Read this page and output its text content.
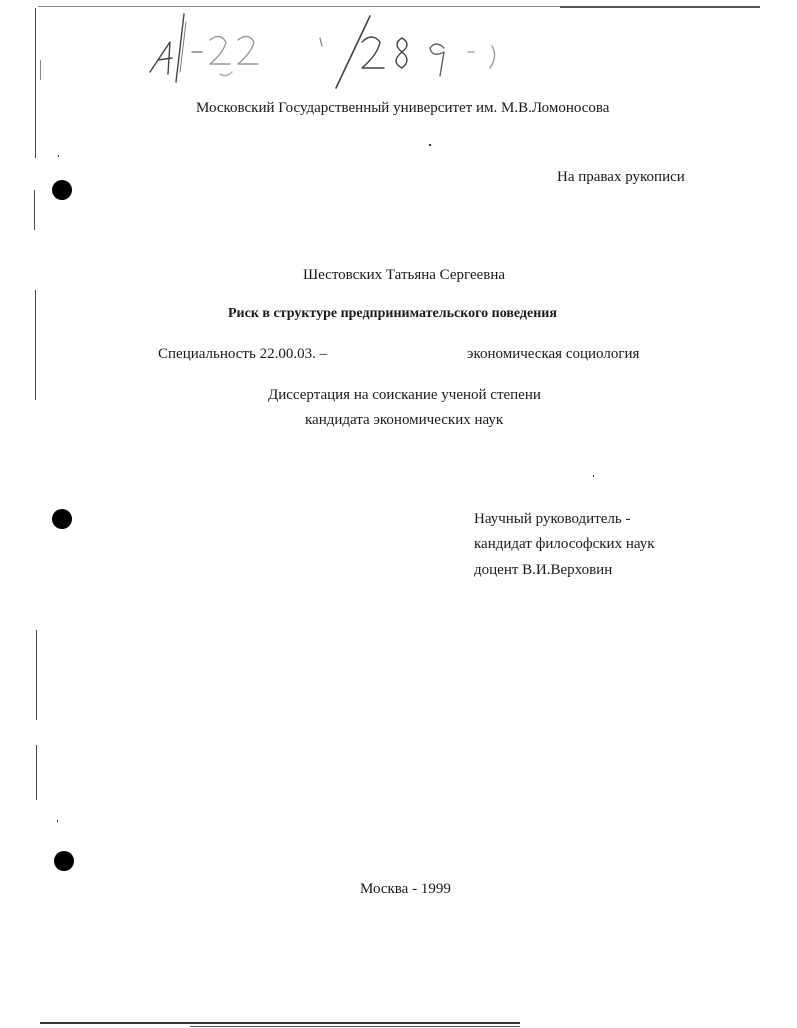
Московский Государственный университет им. М.В.Ломоносова
На правах рукописи
Шестовских Татьяна Сергеевна
Риск в структуре предпринимательского поведения
Специальность 22.00.03. –	экономическая социология
Диссертация на соискание ученой степени
кандидата экономических наук
Научный руководитель -
кандидат философских наук
доцент В.И.Верховин
Москва - 1999
